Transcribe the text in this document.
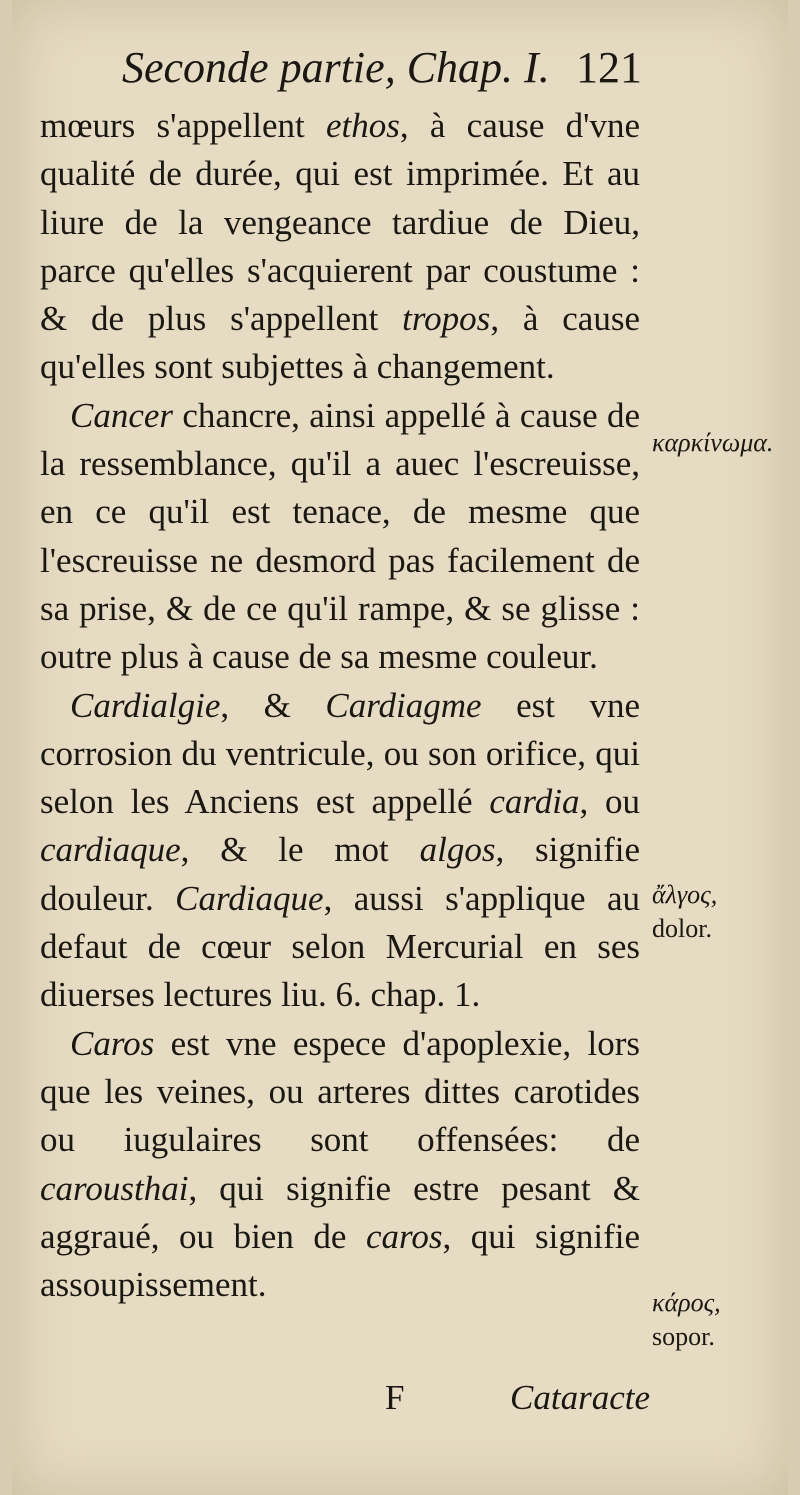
Seconde partie, Chap. I. 121

mœurs s'appellent ethos, à cause d'vne qualité de durée, qui est imprimée. Et au liure de la vengeance tardiue de Dieu, parce qu'elles s'acquierent par coustume : & de plus s'appellent tropos, à cause qu'elles sont subjettes à changement.

Cancer chancre, ainsi appellé à cause de la ressemblance, qu'il a auec l'escreuisse, en ce qu'il est tenace, de mesme que l'escreuisse ne desmord pas facilement de sa prise, & de ce qu'il rampe, & se glisse : outre plus à cause de sa mesme couleur.

Cardialgie, & Cardiagme est vne corrosion du ventricule, ou son orifice, qui selon les Anciens est appellé cardia, ou cardiaque, & le mot algos, signifie douleur. Cardiaque, aussi s'applique au defaut de cœur selon Mercurial en ses diuerses lectures liu. 6. chap. 1.

Caros est vne espece d'apoplexie, lors que les veines, ou arteres dittes carotides ou iugulaires sont offensées: de carousthai, qui signifie estre pesant & aggraué, ou bien de caros, qui signifie assoupissement.

καρκίνωμα.
ἄλγος,
dolor.
κάρος,
sopor.
F	Cataracte
